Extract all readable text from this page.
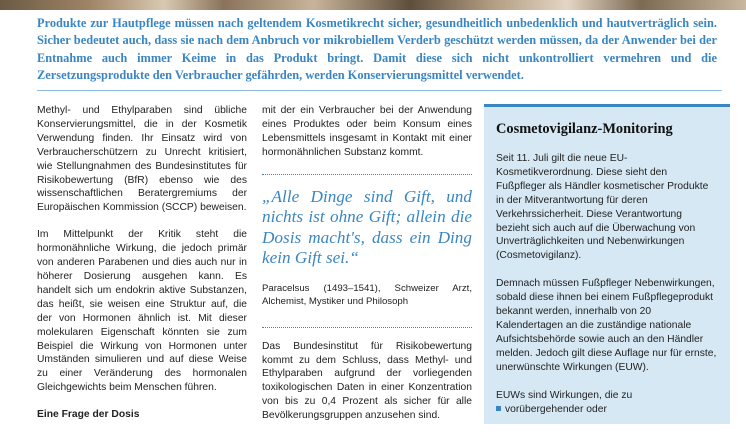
Produkte zur Hautpflege müssen nach geltendem Kosmetikrecht sicher, gesundheitlich unbedenklich und hautverträglich sein. Sicher bedeutet auch, dass sie nach dem Anbruch vor mikrobiellem Verderb geschützt werden müssen, da der Anwender bei der Entnahme auch immer Keime in das Produkt bringt. Damit diese sich nicht unkontrolliert vermehren und die Zersetzungsprodukte den Verbraucher gefährden, werden Konservierungsmittel verwendet.

Methyl- und Ethylparaben sind übliche Konservierungsmittel, die in der Kosmetik Verwendung finden. Ihr Einsatz wird von Verbraucherschützern zu Unrecht kritisiert, wie Stellungnahmen des Bundesinstitutes für Risikobewertung (BfR) ebenso wie des wissenschaftlichen Beratergremiums der Europäischen Kommission (SCCP) beweisen.

Im Mittelpunkt der Kritik steht die hormonähnliche Wirkung, die jedoch primär von anderen Parabenen und dies auch nur in höherer Dosierung ausgehen kann. Es handelt sich um endokrin aktive Substanzen, das heißt, sie weisen eine Struktur auf, die der von Hormonen ähnlich ist. Mit dieser molekularen Eigenschaft könnten sie zum Beispiel die Wirkung von Hormonen unter Umständen simulieren und auf diese Weise zu einer Veränderung des hormonalen Gleichgewichts beim Menschen führen.

Eine Frage der Dosis

mit der ein Verbraucher bei der Anwendung eines Produktes oder beim Konsum eines Lebensmittels insgesamt in Kontakt mit einer hormonähnlichen Substanz kommt.

„Alle Dinge sind Gift, und nichts ist ohne Gift; allein die Dosis macht's, dass ein Ding kein Gift sei.“

Paracelsus (1493–1541), Schweizer Arzt, Alchemist, Mystiker und Philosoph

Das Bundesinstitut für Risikobewertung kommt zu dem Schluss, dass Methyl- und Ethylparaben aufgrund der vorliegenden toxikologischen Daten in einer Konzentration von bis zu 0,4 Prozent als sicher für alle Bevölkerungsgruppen anzusehen sind.

Cosmetovigilanz-Monitoring

Seit 11. Juli gilt die neue EU-Kosmetikverordnung. Diese sieht den Fußpfleger als Händler kosmetischer Produkte in der Mitverantwortung für deren Verkehrssicherheit. Diese Verantwortung bezieht sich auch auf die Überwachung von Unverträglichkeiten und Nebenwirkungen (Cosmetovigilanz).

Demnach müssen Fußpfleger Nebenwirkungen, sobald diese ihnen bei einem Fußpflegeprodukt bekannt werden, innerhalb von 20 Kalendertagen an die zuständige nationale Aufsichtsbehörde sowie auch an den Händler melden. Jedoch gilt diese Auflage nur für ernste, unerwünschte Wirkungen (EUW).

EUWs sind Wirkungen, die zu

vorübergehender oder
